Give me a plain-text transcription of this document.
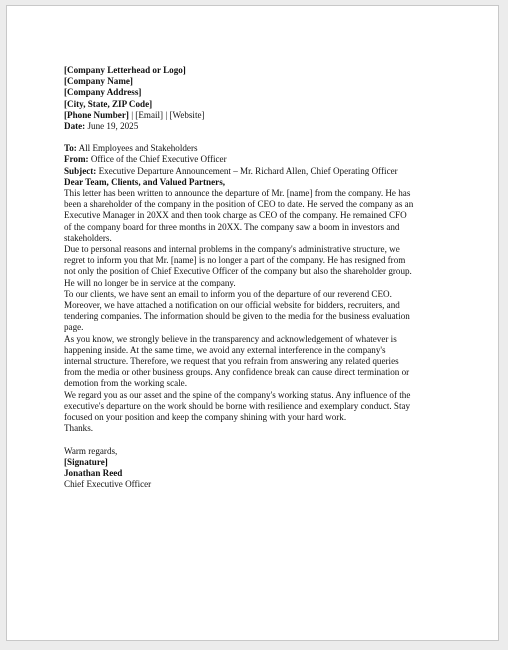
[Company Letterhead or Logo]
[Company Name]
[Company Address]
[City, State, ZIP Code]
[Phone Number] | [Email] | [Website]

Date: June 19, 2025

To: All Employees and Stakeholders

From: Office of the Chief Executive Officer

Subject: Executive Departure Announcement – Mr. Richard Allen, Chief Operating Officer

Dear Team, Clients, and Valued Partners,

This letter has been written to announce the departure of Mr. [name] from the company. He has been a shareholder of the company in the position of CEO to date. He served the company as an Executive Manager in 20XX and then took charge as CEO of the company. He remained CFO of the company board for three months in 20XX. The company saw a boom in investors and stakeholders.

Due to personal reasons and internal problems in the company's administrative structure, we regret to inform you that Mr. [name] is no longer a part of the company. He has resigned from not only the position of Chief Executive Officer of the company but also the shareholder group. He will no longer be in service at the company.

To our clients, we have sent an email to inform you of the departure of our reverend CEO. Moreover, we have attached a notification on our official website for bidders, recruiters, and tendering companies. The information should be given to the media for the business evaluation page.

As you know, we strongly believe in the transparency and acknowledgement of whatever is happening inside. At the same time, we avoid any external interference in the company's internal structure. Therefore, we request that you refrain from answering any related queries from the media or other business groups. Any confidence break can cause direct termination or demotion from the working scale.

We regard you as our asset and the spine of the company's working status. Any influence of the executive's departure on the work should be borne with resilience and exemplary conduct. Stay focused on your position and keep the company shining with your hard work.

Thanks.

Warm regards,

[Signature]

Jonathan Reed

Chief Executive Officer
